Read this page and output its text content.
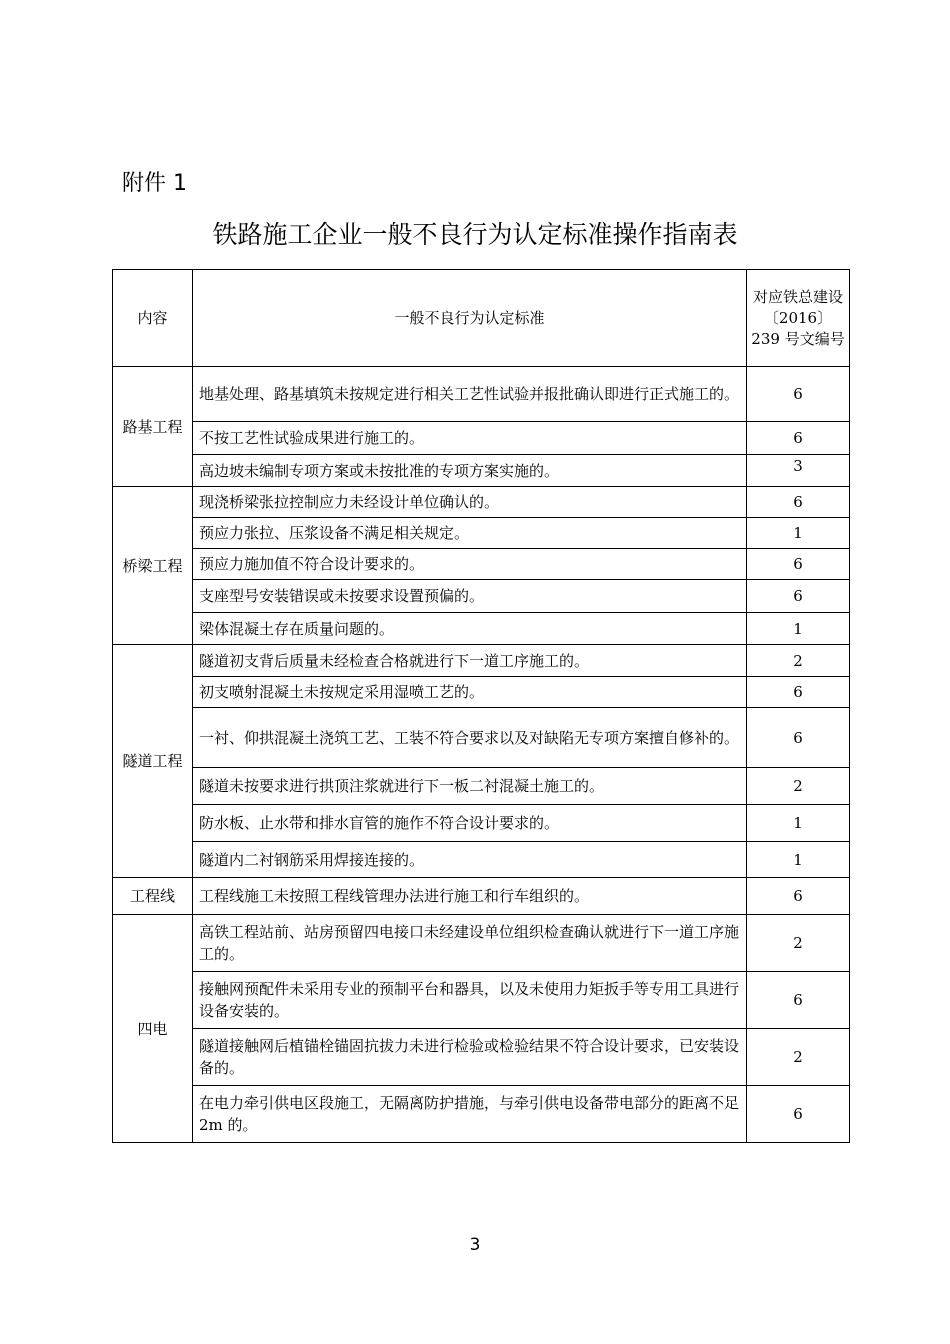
附件 1
铁路施工企业一般不良行为认定标准操作指南表
内容	一般不良行为认定标准	对应铁总建设〔2016〕239 号文编号
路基工程	地基处理、路基填筑未按规定进行相关工艺性试验并报批确认即进行正式施工的。	6
	不按工艺性试验成果进行施工的。	6
	高边坡未编制专项方案或未按批准的专项方案实施的。	3
桥梁工程	现浇桥梁张拉控制应力未经设计单位确认的。	6
	预应力张拉、压浆设备不满足相关规定。	1
	预应力施加值不符合设计要求的。	6
	支座型号安装错误或未按要求设置预偏的。	6
	梁体混凝土存在质量问题的。	1
隧道工程	隧道初支背后质量未经检查合格就进行下一道工序施工的。	2
	初支喷射混凝土未按规定采用湿喷工艺的。	6
	一衬、仰拱混凝土浇筑工艺、工装不符合要求以及对缺陷无专项方案擅自修补的。	6
	隧道未按要求进行拱顶注浆就进行下一板二衬混凝土施工的。	2
	防水板、止水带和排水盲管的施作不符合设计要求的。	1
	隧道内二衬钢筋采用焊接连接的。	1
工程线	工程线施工未按照工程线管理办法进行施工和行车组织的。	6
四电	高铁工程站前、站房预留四电接口未经建设单位组织检查确认就进行下一道工序施工的。	2
	接触网预配件未采用专业的预制平台和器具，以及未使用力矩扳手等专用工具进行设备安装的。	6
	隧道接触网后植锚栓锚固抗拔力未进行检验或检验结果不符合设计要求，已安装设备的。	2
	在电力牵引供电区段施工，无隔离防护措施，与牵引供电设备带电部分的距离不足 2m 的。	6
3
